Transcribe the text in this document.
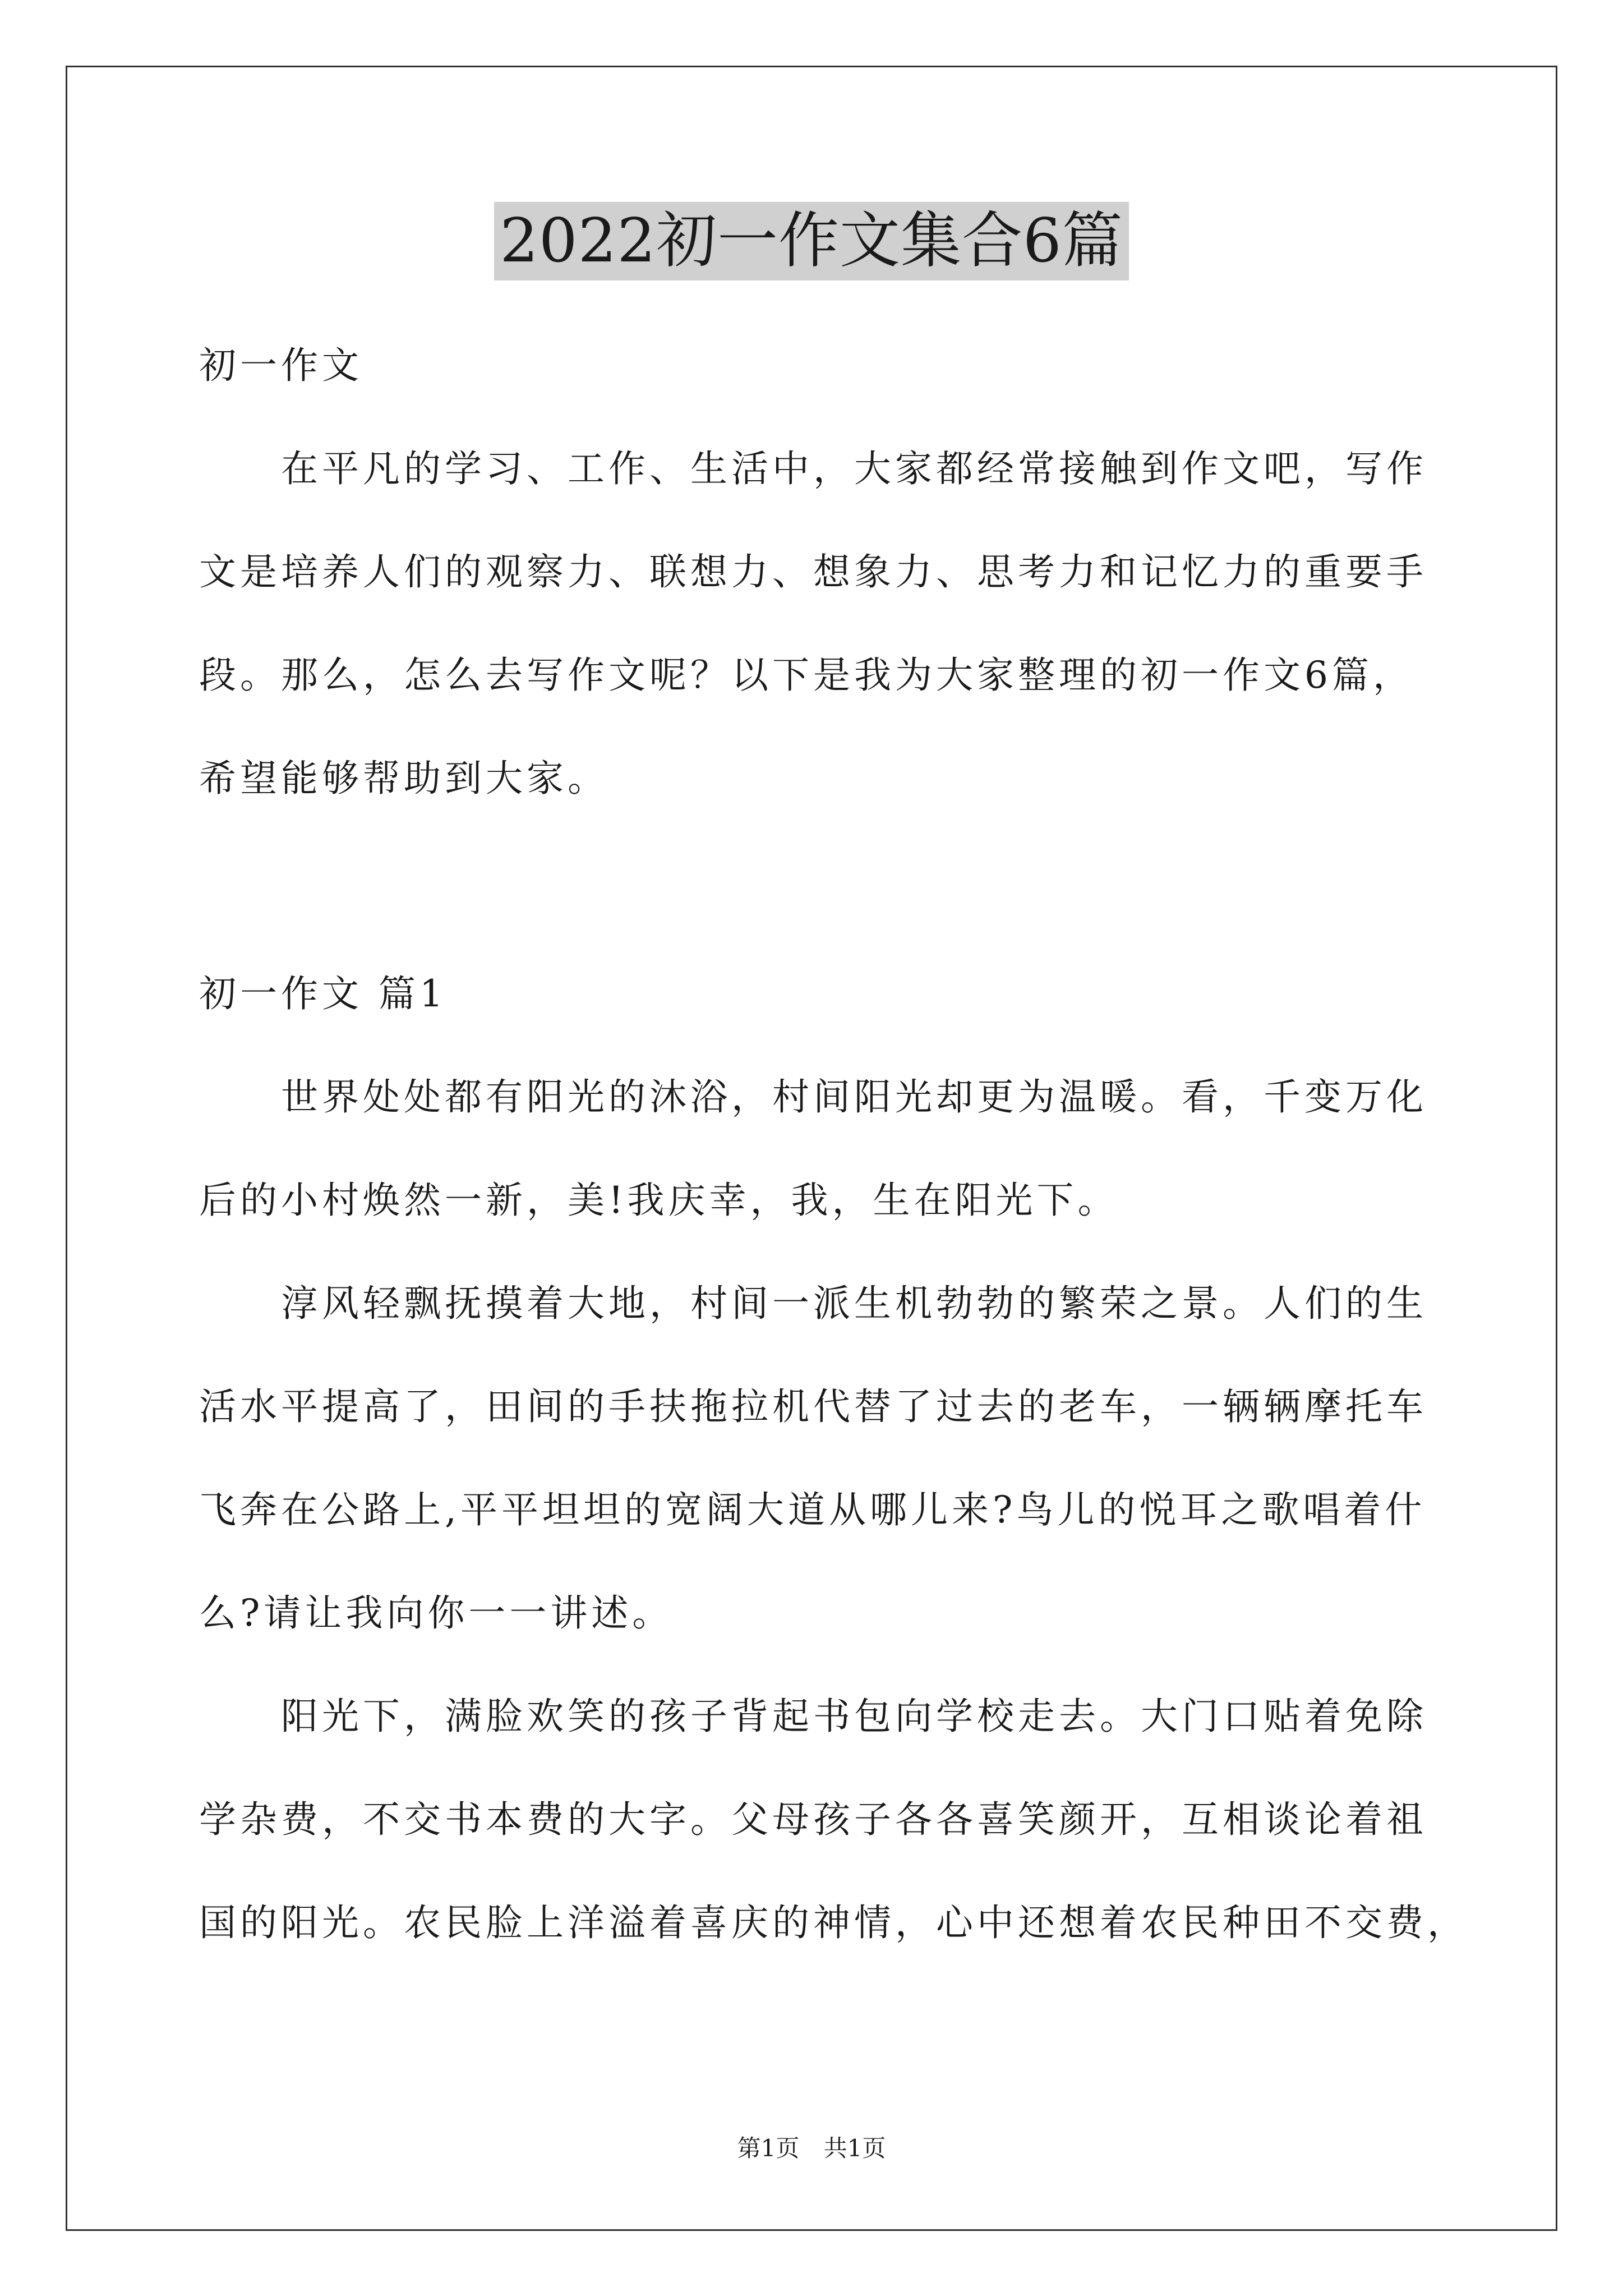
2022初一作文集合6篇
初一作文
在平凡的学习、工作、生活中，大家都经常接触到作文吧，写作
文是培养人们的观察力、联想力、想象力、思考力和记忆力的重要手
段。那么，怎么去写作文呢？以下是我为大家整理的初一作文6篇，
希望能够帮助到大家。
初一作文 篇1
世界处处都有阳光的沐浴，村间阳光却更为温暖。看，千变万化
后的小村焕然一新，美!我庆幸，我，生在阳光下。
淳风轻飘抚摸着大地，村间一派生机勃勃的繁荣之景。人们的生
活水平提高了，田间的手扶拖拉机代替了过去的老车，一辆辆摩托车
飞奔在公路上,平平坦坦的宽阔大道从哪儿来?鸟儿的悦耳之歌唱着什
么?请让我向你一一讲述。
阳光下，满脸欢笑的孩子背起书包向学校走去。大门口贴着免除
学杂费，不交书本费的大字。父母孩子各各喜笑颜开，互相谈论着祖
国的阳光。农民脸上洋溢着喜庆的神情，心中还想着农民种田不交费，
第1页 共1页
